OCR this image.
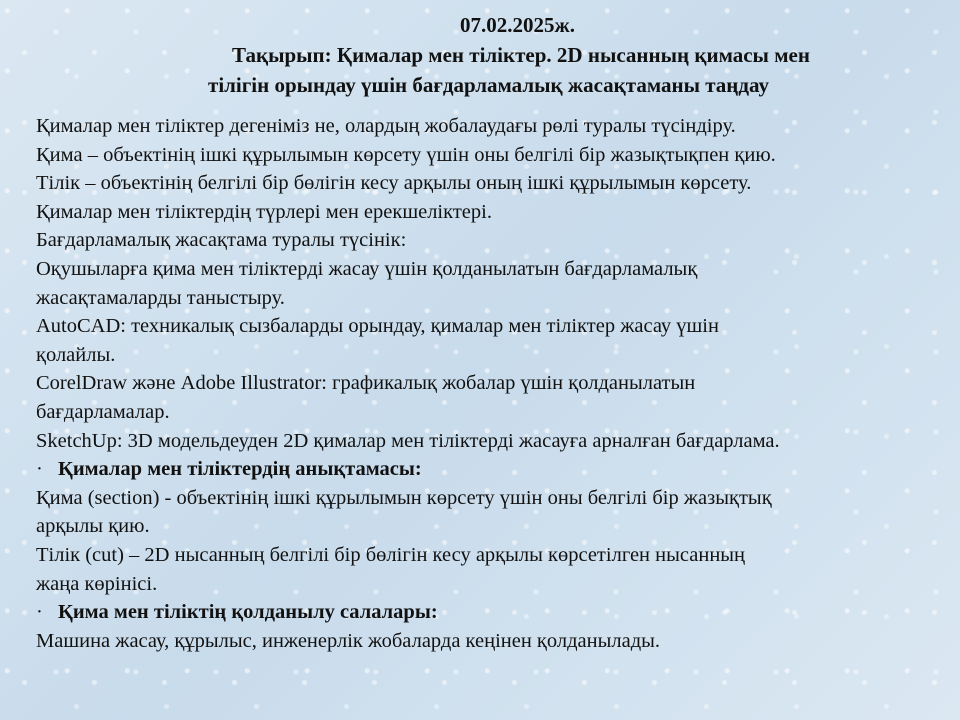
07.02.2025ж.
Тақырып: Қималар мен тіліктер. 2D нысанның қимасы мен
тілігін орындау үшін бағдарламалық жасақтаманы таңдау
Қималар мен тіліктер дегеніміз не, олардың жобалаудағы рөлі туралы түсіндіру.
Қима – объектінің ішкі құрылымын көрсету үшін оны белгілі бір жазықтықпен қию.
Тілік – объектінің белгілі бір бөлігін кесу арқылы оның ішкі құрылымын көрсету.
Қималар мен тіліктердің түрлері мен ерекшеліктері.
Бағдарламалық жасақтама туралы түсінік:
Оқушыларға қима мен тіліктерді жасау үшін қолданылатын бағдарламалық
жасақтамаларды таныстыру.
AutoCAD: техникалық сызбаларды орындау, қималар мен тіліктер жасау үшін
қолайлы.
CorelDraw және Adobe Illustrator: графикалық жобалар үшін қолданылатын
бағдарламалар.
SketchUp: 3D модельдеуден 2D қималар мен тіліктерді жасауға арналған бағдарлама.
· Қималар мен тіліктердің анықтамасы:
Қима (section) - объектінің ішкі құрылымын көрсету үшін оны белгілі бір жазықтық
арқылы қию.
Тілік (cut) – 2D нысанның белгілі бір бөлігін кесу арқылы көрсетілген нысанның
жаңа көрінісі.
· Қима мен тіліктің қолданылу салалары:
Машина жасау, құрылыс, инженерлік жобаларда кеңінен қолданылады.
